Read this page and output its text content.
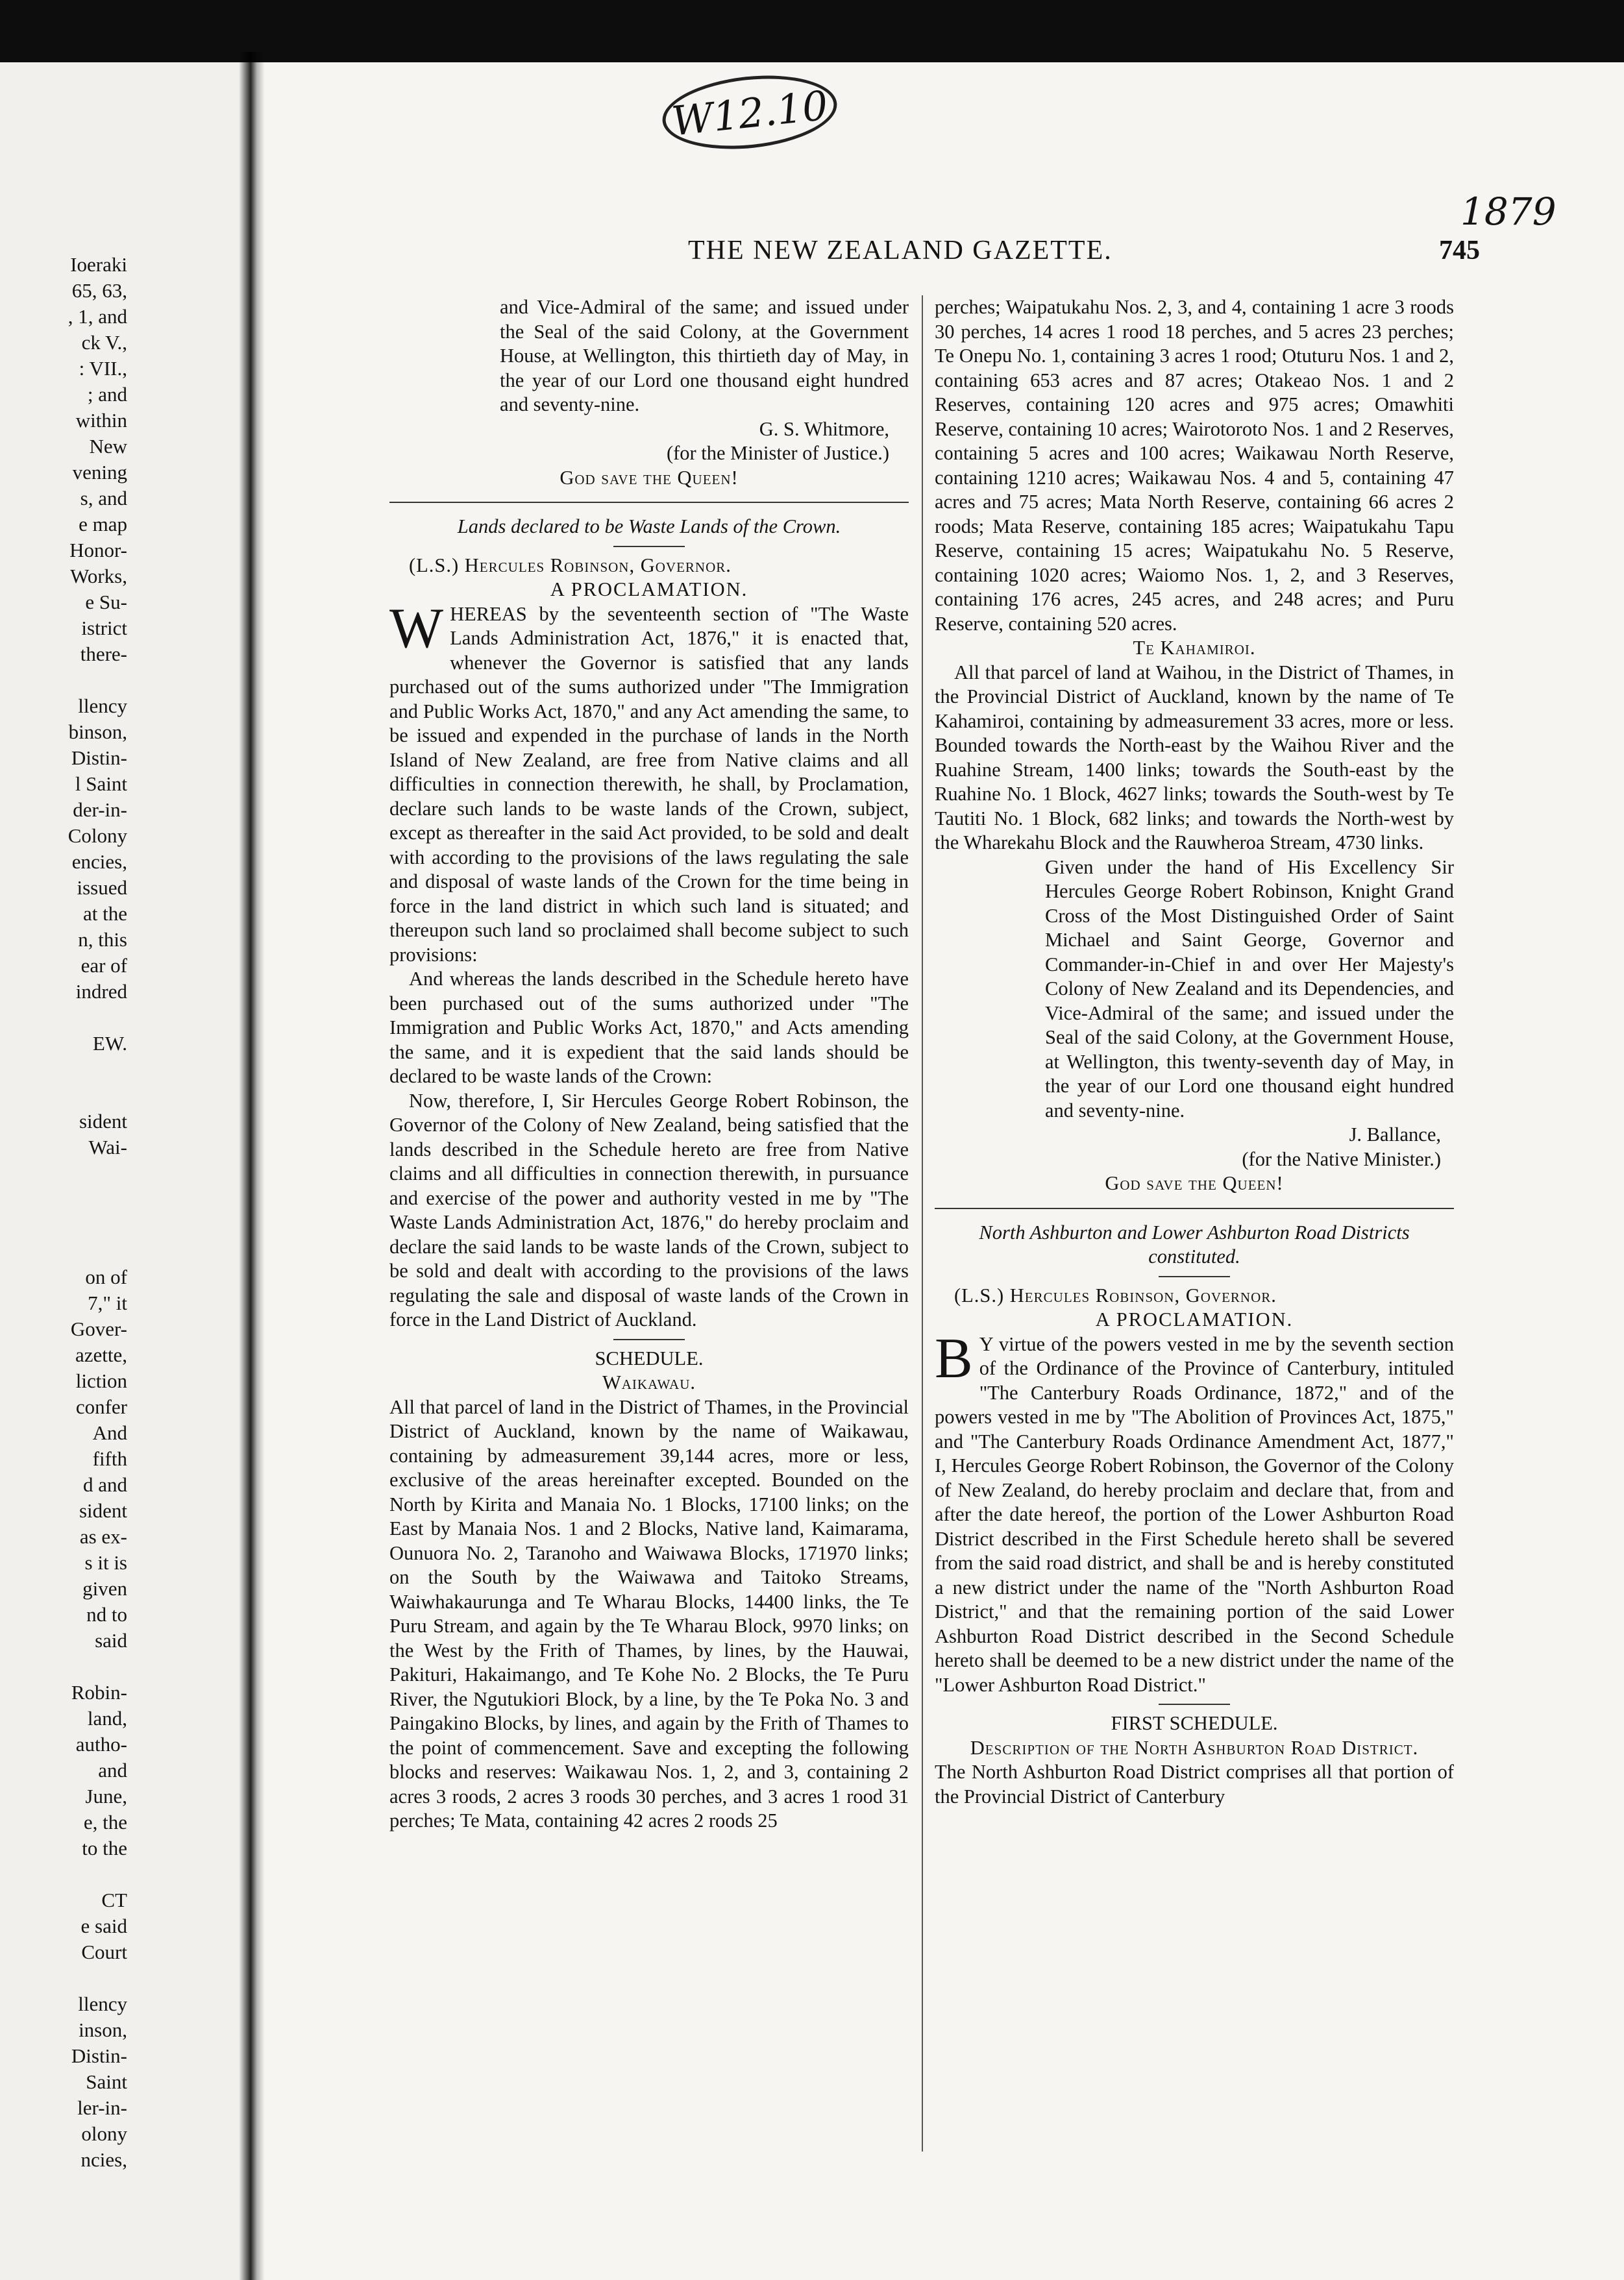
Ioeraki
65, 63,
, 1, and
ck V.,
: VII.,
; and
within
New
vening
s, and
e map
Honor-
Works,
e Su-
istrict
there-
llency
binson,
Distin-
l Saint
der-in-
Colony
encies,
issued
at the
n, this
ear of
indred
EW.
sident
Wai-
on of
7," it
Gover-
azette,
liction
confer
And
fifth
d and
sident
as ex-
s it is
given
nd to
said
Robin-
land,
autho-
and
June,
e, the
to the
CT
e said
Court
llency
inson,
Distin-
Saint
ler-in-
olony
ncies,
W12.10
1879
THE NEW ZEALAND GAZETTE.	745

and Vice-Admiral of the same; and issued under the Seal of the said Colony, at the Government House, at Wellington, this thirtieth day of May, in the year of our Lord one thousand eight hundred and seventy-nine.

G. S. Whitmore,

(for the Minister of Justice.)

God save the Queen!

Lands declared to be Waste Lands of the Crown.

(L.S.) Hercules Robinson, Governor.

A PROCLAMATION.

WHEREAS by the seventeenth section of "The Waste Lands Administration Act, 1876," it is enacted that, whenever the Governor is satisfied that any lands purchased out of the sums authorized under "The Immigration and Public Works Act, 1870," and any Act amending the same, to be issued and expended in the purchase of lands in the North Island of New Zealand, are free from Native claims and all difficulties in connection therewith, he shall, by Proclamation, declare such lands to be waste lands of the Crown, subject, except as thereafter in the said Act provided, to be sold and dealt with according to the provisions of the laws regulating the sale and disposal of waste lands of the Crown for the time being in force in the land district in which such land is situated; and thereupon such land so proclaimed shall become subject to such provisions:

And whereas the lands described in the Schedule hereto have been purchased out of the sums authorized under "The Immigration and Public Works Act, 1870," and Acts amending the same, and it is expedient that the said lands should be declared to be waste lands of the Crown:

Now, therefore, I, Sir Hercules George Robert Robinson, the Governor of the Colony of New Zealand, being satisfied that the lands described in the Schedule hereto are free from Native claims and all difficulties in connection therewith, in pursuance and exercise of the power and authority vested in me by "The Waste Lands Administration Act, 1876," do hereby proclaim and declare the said lands to be waste lands of the Crown, subject to be sold and dealt with according to the provisions of the laws regulating the sale and disposal of waste lands of the Crown in force in the Land District of Auckland.

SCHEDULE.

Waikawau.

All that parcel of land in the District of Thames, in the Provincial District of Auckland, known by the name of Waikawau, containing by admeasurement 39,144 acres, more or less, exclusive of the areas hereinafter excepted. Bounded on the North by Kirita and Manaia No. 1 Blocks, 17100 links; on the East by Manaia Nos. 1 and 2 Blocks, Native land, Kaimarama, Ounuora No. 2, Taranoho and Waiwawa Blocks, 171970 links; on the South by the Waiwawa and Taitoko Streams, Waiwhakaurunga and Te Wharau Blocks, 14400 links, the Te Puru Stream, and again by the Te Wharau Block, 9970 links; on the West by the Frith of Thames, by lines, by the Hauwai, Pakituri, Hakaimango, and Te Kohe No. 2 Blocks, the Te Puru River, the Ngutukiori Block, by a line, by the Te Poka No. 3 and Paingakino Blocks, by lines, and again by the Frith of Thames to the point of commencement. Save and excepting the following blocks and reserves: Waikawau Nos. 1, 2, and 3, containing 2 acres 3 roods, 2 acres 3 roods 30 perches, and 3 acres 1 rood 31 perches; Te Mata, containing 42 acres 2 roods 25

perches; Waipatukahu Nos. 2, 3, and 4, containing 1 acre 3 roods 30 perches, 14 acres 1 rood 18 perches, and 5 acres 23 perches; Te Onepu No. 1, containing 3 acres 1 rood; Otuturu Nos. 1 and 2, containing 653 acres and 87 acres; Otakeao Nos. 1 and 2 Reserves, containing 120 acres and 975 acres; Omawhiti Reserve, containing 10 acres; Wairotoroto Nos. 1 and 2 Reserves, containing 5 acres and 100 acres; Waikawau North Reserve, containing 1210 acres; Waikawau Nos. 4 and 5, containing 47 acres and 75 acres; Mata North Reserve, containing 66 acres 2 roods; Mata Reserve, containing 185 acres; Waipatukahu Tapu Reserve, containing 15 acres; Waipatukahu No. 5 Reserve, containing 1020 acres; Waiomo Nos. 1, 2, and 3 Reserves, containing 176 acres, 245 acres, and 248 acres; and Puru Reserve, containing 520 acres.

Te Kahamiroi.

All that parcel of land at Waihou, in the District of Thames, in the Provincial District of Auckland, known by the name of Te Kahamiroi, containing by admeasurement 33 acres, more or less. Bounded towards the North-east by the Waihou River and the Ruahine Stream, 1400 links; towards the South-east by the Ruahine No. 1 Block, 4627 links; towards the South-west by Te Tautiti No. 1 Block, 682 links; and towards the North-west by the Wharekahu Block and the Rauwheroa Stream, 4730 links.

Given under the hand of His Excellency Sir Hercules George Robert Robinson, Knight Grand Cross of the Most Distinguished Order of Saint Michael and Saint George, Governor and Commander-in-Chief in and over Her Majesty's Colony of New Zealand and its Dependencies, and Vice-Admiral of the same; and issued under the Seal of the said Colony, at the Government House, at Wellington, this twenty-seventh day of May, in the year of our Lord one thousand eight hundred and seventy-nine.

J. Ballance,

(for the Native Minister.)

God save the Queen!

North Ashburton and Lower Ashburton Road Districts constituted.

(L.S.) Hercules Robinson, Governor.

A PROCLAMATION.

B Y virtue of the powers vested in me by the seventh section of the Ordinance of the Province of Canterbury, intituled "The Canterbury Roads Ordinance, 1872," and of the powers vested in me by "The Abolition of Provinces Act, 1875," and "The Canterbury Roads Ordinance Amendment Act, 1877," I, Hercules George Robert Robinson, the Governor of the Colony of New Zealand, do hereby proclaim and declare that, from and after the date hereof, the portion of the Lower Ashburton Road District described in the First Schedule hereto shall be severed from the said road district, and shall be and is hereby constituted a new district under the name of the "North Ashburton Road District," and that the remaining portion of the said Lower Ashburton Road District described in the Second Schedule hereto shall be deemed to be a new district under the name of the "Lower Ashburton Road District."

FIRST SCHEDULE.

Description of the North Ashburton Road District.

The North Ashburton Road District comprises all that portion of the Provincial District of Canterbury
